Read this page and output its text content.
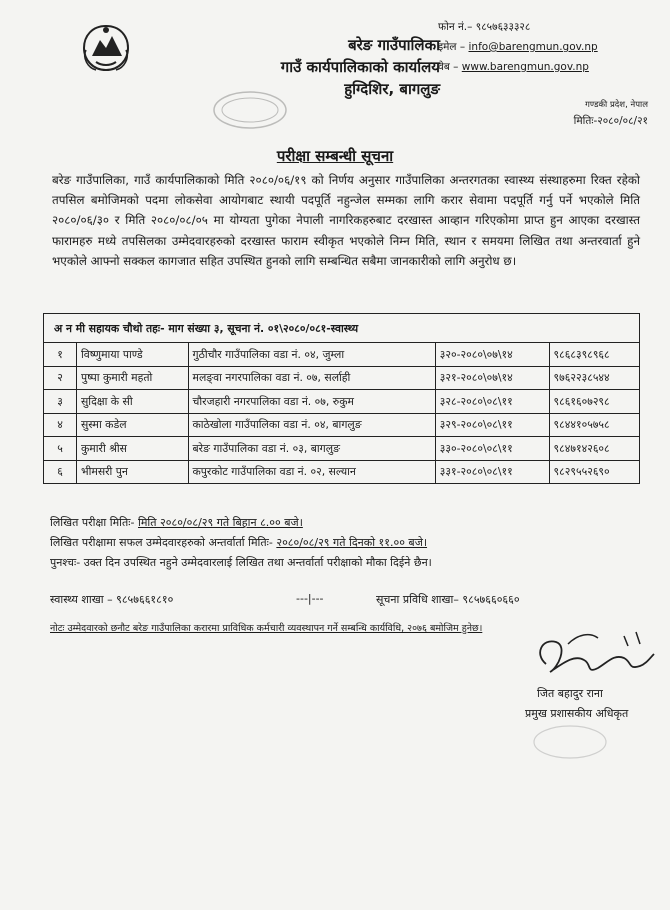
बरेङ गाउँपालिका
गाउँ कार्यपालिकाको कार्यालय
हुग्दिशिर, बागलुङ
फोन नं.– ९८५७६३३३२८
इमेल – info@barengmun.gov.np
वेब – www.barengmun.gov.np
गण्डकी प्रदेश, नेपाल
मितिः-२०८०/०८/२१
परीक्षा सम्बन्धी सूचना
बरेङ गाउँपालिका, गाउँ कार्यपालिकाको मिति २०८०/०६/१९ को निर्णय अनुसार गाउँपालिका अन्तरगतका स्वास्थ्य संस्थाहरुमा रिक्त रहेको तपसिल बमोजिमको पदमा लोकसेवा आयोगबाट स्थायी पदपूर्ति नहुन्जेल सम्मका लागि करार सेवामा पदपूर्ति गर्नु पर्ने भएकोले मिति २०८०/०६/३० र मिति २०८०/०८/०५ मा योग्यता पुगेका नेपाली नागरिकहरुबाट दरखास्त आव्हान गरिएकोमा प्राप्त हुन आएका दरखास्त फारामहरु मध्ये तपसिलका उम्मेदवारहरुको दरखास्त फाराम स्वीकृत भएकोले निम्न मिति, स्थान र समयमा लिखित तथा अन्तरवार्ता हुने भएकोले आफ्नो सक्कल कागजात सहित उपस्थित हुनको लागि सम्बन्धित सबैमा जानकारीको लागि अनुरोध छ।
अ न मी सहायक चौथो तहः- माग संख्या ३, सूचना नं. ०१\२०८०/०८१-स्वास्थ्य				
१	विष्णुमाया पाण्डे	गुठीचौर गाउँपालिका वडा नं. ०४, जुम्ला	३२०-२०८०\०७\१४	९८६८३९८९६८
२	पुष्पा कुमारी महतो	मलङ्वा नगरपालिका वडा नं. ०७, सर्लाही	३२१-२०८०\०७\१४	९७६२२३८५४४
३	सुदिक्षा के सी	चौरजहारी नगरपालिका वडा नं. ०७, रुकुम	३२८-२०८०\०८\११	९८६१६०७२९८
४	सुस्मा कडेल	काठेखोला गाउँपालिका वडा नं. ०४, बागलुङ	३२९-२०८०\०८\११	९८४४१०५७५८
५	कुमारी श्रीस	बरेङ गाउँपालिका वडा नं. ०३, बागलुङ	३३०-२०८०\०८\११	९८४७१४२६०८
६	भीमसरी पुन	कपुरकोट गाउँपालिका वडा नं. ०२, सल्यान	३३१-२०८०\०८\११	९८२९५५२६९०
लिखित परीक्षा मितिः- मिति २०८०/०८/२९ गते बिहान ८.०० बजे।
लिखित परीक्षामा सफल उम्मेदवारहरुको अन्तर्वार्ता मितिः- २०८०/०८/२९ गते दिनको ११.०० बजे।
पुनश्चः- उक्त दिन उपस्थित नहुने उम्मेदवारलाई लिखित तथा अन्तर्वार्ता परीक्षाको मौका दिईने छैन।
स्वास्थ्य शाखा – ९८५७६६१८१०	---|---	सूचना प्रविधि शाखा– ९८५७६६०६६०
नोटः उम्मेदवारको छनौट बरेङ गाउँपालिका करारमा प्राविधिक कर्मचारी व्यवस्थापन गर्ने सम्बन्धि कार्यविधि, २०७६ बमोजिम हुनेछ।
जित बहादुर राना
प्रमुख प्रशासकीय अधिकृत
